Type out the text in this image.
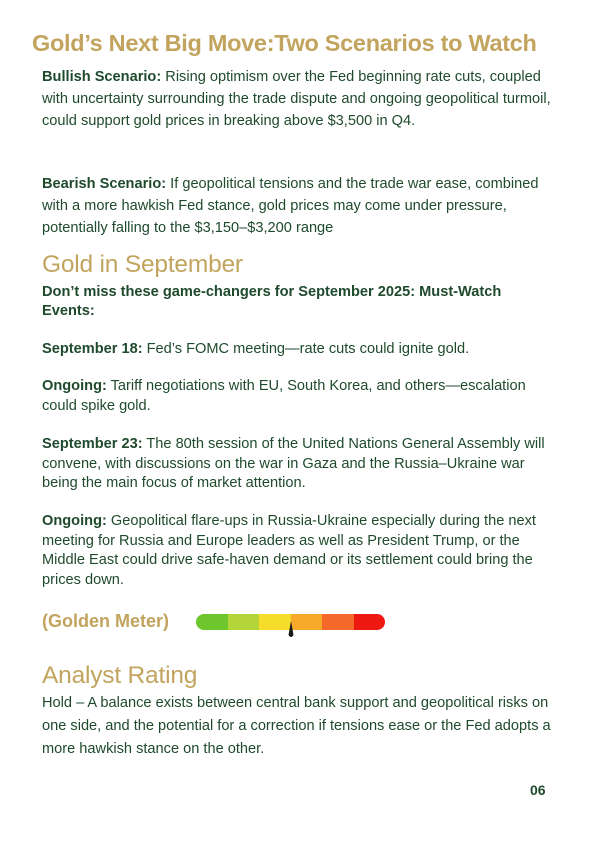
Gold’s Next Big Move:Two Scenarios to Watch
Bullish Scenario: Rising optimism over the Fed beginning rate cuts, coupled with uncertainty surrounding the trade dispute and ongoing geopolitical turmoil, could support gold prices in breaking above $3,500 in Q4.
Bearish Scenario: If geopolitical tensions and the trade war ease, combined with a more hawkish Fed stance, gold prices may come under pressure, potentially falling to the $3,150–$3,200 range
Gold in September
Don’t miss these game-changers for September 2025: Must-Watch Events:
September 18: Fed’s FOMC meeting—rate cuts could ignite gold.
Ongoing: Tariff negotiations with EU, South Korea, and others—escalation could spike gold.
September 23: The 80th session of the United Nations General Assembly will convene, with discussions on the war in Gaza and the Russia–Ukraine war being the main focus of market attention.
Ongoing: Geopolitical flare-ups in Russia-Ukraine especially during the next meeting for Russia and Europe leaders as well as President Trump, or the Middle East could drive safe-haven demand or its settlement could bring the prices down.
(Golden Meter)
Analyst Rating
Hold – A balance exists between central bank support and geopolitical risks on one side, and the potential for a correction if tensions ease or the Fed adopts a more hawkish stance on the other.
06
